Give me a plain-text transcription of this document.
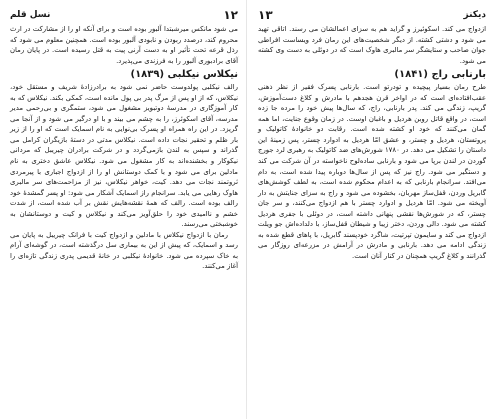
۱۲
نسل قلم

می شود مانکس میرشبتدا آلبور بوده است و برای آنکه او را از مشارکت در ارث محروم کند، درصدد ربودن و نابودی آلبور بوده است. همچنین معلوم می شود که رذل قرعه تحت تأثیر او به دست آرنی پیت به قتل رسیده است. در پایان رمان آقای برادبوری آلبور را به فرزندی می‌پذیرد.

نیکلاس نیکلبی (۱۸۳۹)

رالف نیکلبی پولدوست حاضر نمی شود به برادرزادهٔ شریف و مستقل خود، نیکلاس، که از او پس از مرگ پدر بی پول مانده است، کمکی بکند. نیکلاس که به کار آموزگاری در مدرسهٔ دوتبویز مشغول می شود، ستمگری و بی‌رحمی مدیر مدرسه، آقای اسکوئرز، را به چشم می بیند و با او درگیر می شود و از آنجا می گریزد. در این راه همراه او پسرک بی‌نوایی به نام اسمایک است که او را از زیر بار ظلم و تحقیر نجات داده است. نیکلاس مدتی در دستهٔ بازیگران کرامل می گذراند و سپس به لندن بازمی‌گردد و در شرکت برادران چیریبل که مردانی نیکوکار و بخشنده‌اند به کار مشغول می شود. نیکلاس عاشق دختری به نام مادلین برای می شود و با کمک دوستانش او را از ازدواج اجباری با پیرمردی ثروتمند نجات می دهد. کیت، خواهر نیکلاس، نیز از مزاحمت‌های سر مالبری هاوک رهایی می یابد. سرانجام راز اسمایک آشکار می شود: او پسر گمشدهٔ خود رالف بوده است. رالف که همهٔ نقشه‌هایش نقش بر آب شده است، از شدت خشم و ناامیدی خود را حلق‌آویز می‌کند و نیکلاس و کیت و دوستانشان به خوشبختی می‌رسند.

رمان با ازدواج نیکلاس با مادلین و ازدواج کیت با فرانک چیریبل به پایان می رسد و اسمایک، که پیش از این به بیماری سل درگذشته است، در گوشه‌ای آرام به خاک سپرده می شود. خانوادهٔ نیکلبی در خانهٔ قدیمی پدری زندگی تازه‌ای را آغاز می‌کنند.

دیکنز
۱۳

ازدواج می کند. اسکوئیرز و گراید هم به سزای اعمالشان می رسند. اتاقی تهید می شود و دشتی کشته. از دیگر شخصیت‌های این رمان فرد ویساست افراطی جوان صاحب و ستایشگر سر مالبری هاوک است که در دوئلی به دست وی کشته می شود.

بارنابی راج (۱۸۴۱)

طرح رمان بسیار پیچیده و تودرتو است. بارنابی پسرک فقیر از نظر ذهنی عقب‌افتاده‌ای است که در اواخر قرن هجدهم با مادرش و کلاغ دست‌آموزش، گریپ، زندگی می کند. پدر بارنابی، راج، که سال‌ها پیش خود را مرده جا زده است، در واقع قاتل روبن هردیل و باغبان اوست. در زمان وقوع جنایت، اما همه گمان می‌کنند که خود او کشته شده است. رقابت دو خانوادهٔ کاتولیک و پروتستان، هردیل و چستر، و عشق امّا هردیل به ادوارد چستر، پس زمینهٔ این داستان را تشکیل می دهد. در ۱۷۸۰ شورش‌های ضد کاتولیک به رهبری لرد جورج گوردن در لندن برپا می شود و بارنابی ساده‌لوح ناخواسته در آن شرکت می کند و دستگیر می شود. راج نیز که پس از سال‌ها دوباره پیدا شده است، به دام می‌افتد. سرانجام بارنابی که به اعدام محکوم شده است، به لطف کوشش‌های گابریل وردن، قفل‌ساز مهربان، بخشوده می شود و راج به سزای جنایتش به دار آویخته می شود. امّا هردیل و ادوارد چستر با هم ازدواج می‌کنند، و سر جان چستر، که در شورش‌ها نقشی پنهانی داشته است، در دوئلی با جفری هردیل کشته می شود. دالی وردن، دختر زیبا و شیطان قفل‌ساز، با دلداده‌اش جو ویلت ازدواج می کند و سایمون تپرتیت، شاگرد خودپسند گابریل، با پاهای قطع شده به زندگی ادامه می دهد. بارنابی و مادرش در آرامش در مزرعه‌ای روزگار می گذرانند و کلاغ گریپ همچنان در کنار آنان است.
